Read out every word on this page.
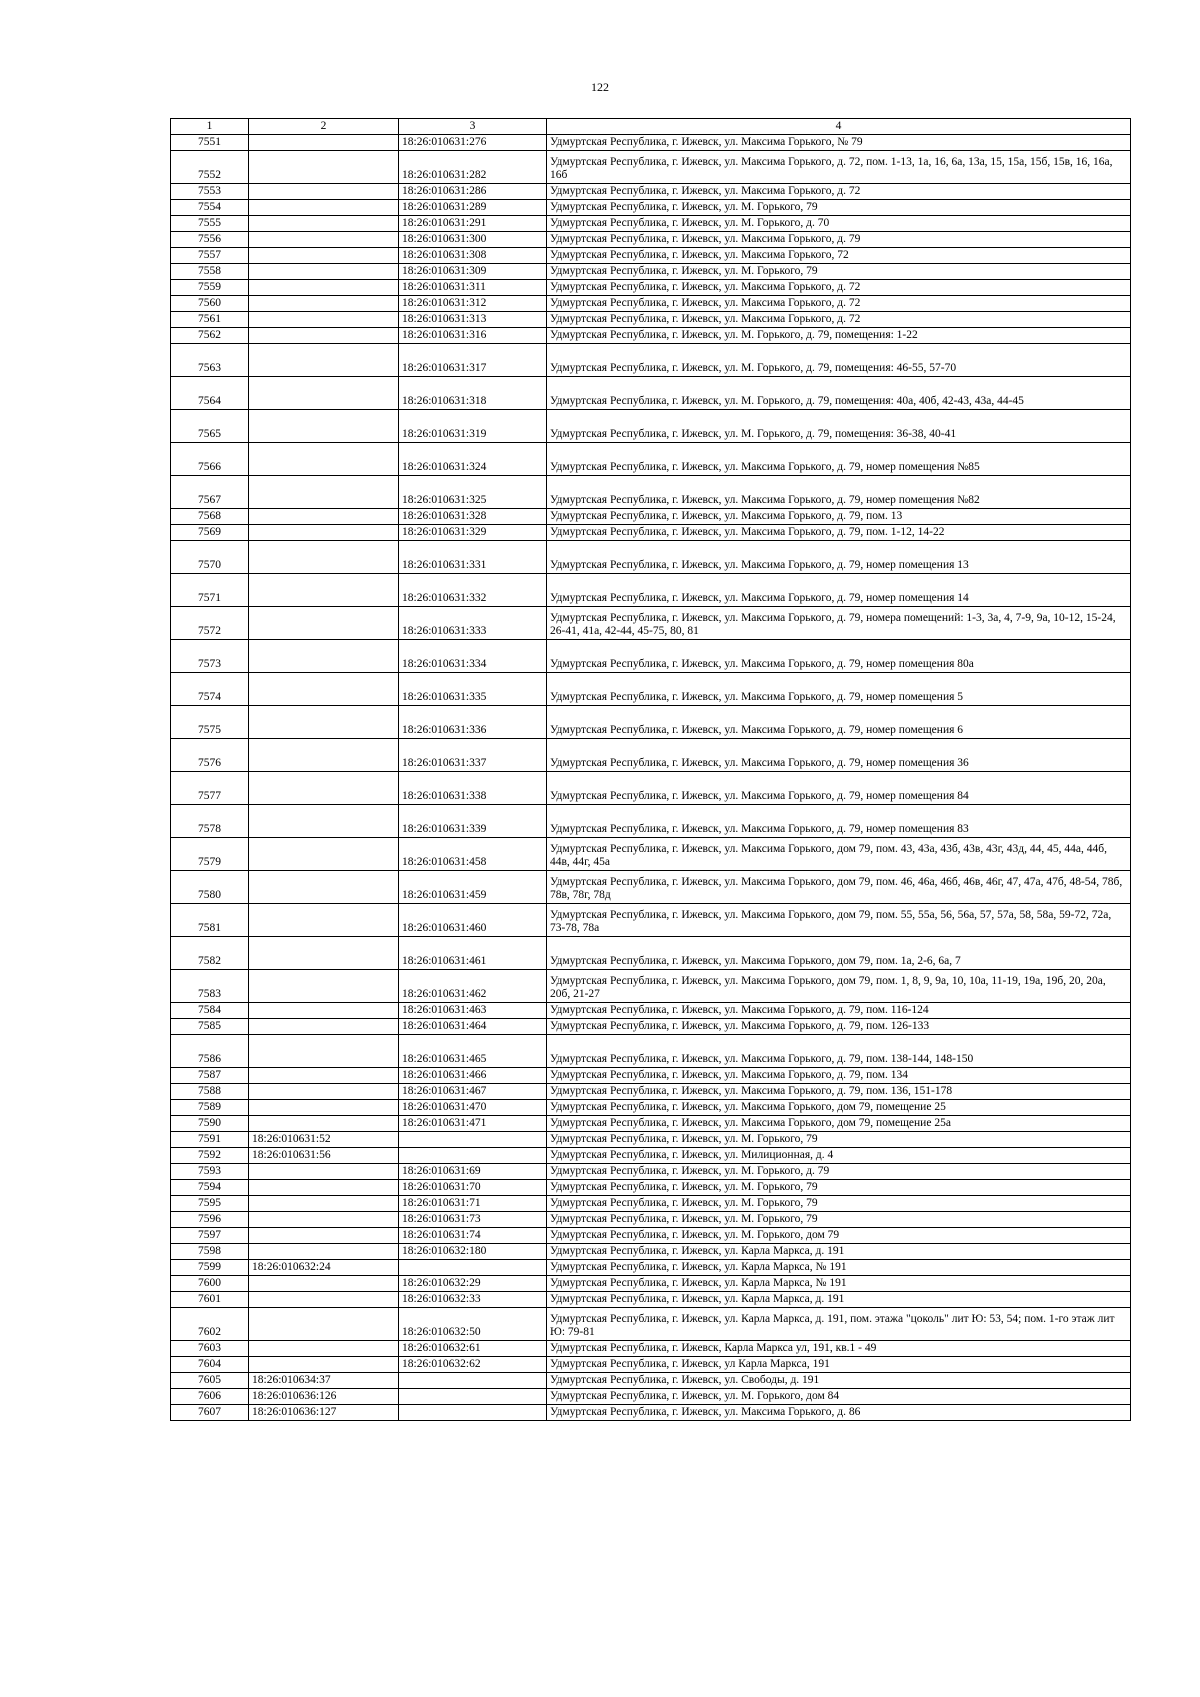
122
1	2	3	4
7551		18:26:010631:276	Удмуртская Республика, г. Ижевск, ул. Максима Горького, № 79
7552		18:26:010631:282	Удмуртская Республика, г. Ижевск, ул. Максима Горького, д. 72, пом. 1-13, 1а, 16, 6а, 13а, 15, 15а, 15б, 15в, 16, 16а, 16б
7553		18:26:010631:286	Удмуртская Республика, г. Ижевск, ул. Максима Горького, д. 72
7554		18:26:010631:289	Удмуртская Республика, г. Ижевск, ул. М. Горького, 79
7555		18:26:010631:291	Удмуртская Республика, г. Ижевск, ул. М. Горького, д. 70
7556		18:26:010631:300	Удмуртская Республика, г. Ижевск, ул. Максима Горького, д. 79
7557		18:26:010631:308	Удмуртская Республика, г. Ижевск, ул. Максима Горького, 72
7558		18:26:010631:309	Удмуртская Республика, г. Ижевск, ул. М. Горького, 79
7559		18:26:010631:311	Удмуртская Республика, г. Ижевск, ул. Максима Горького, д. 72
7560		18:26:010631:312	Удмуртская Республика, г. Ижевск, ул. Максима Горького, д. 72
7561		18:26:010631:313	Удмуртская Республика, г. Ижевск, ул. Максима Горького, д. 72
7562		18:26:010631:316	Удмуртская Республика, г. Ижевск, ул. М. Горького, д. 79, помещения: 1-22
7563		18:26:010631:317	Удмуртская Республика, г. Ижевск, ул. М. Горького, д. 79, помещения: 46-55, 57-70
7564		18:26:010631:318	Удмуртская Республика, г. Ижевск, ул. М. Горького, д. 79, помещения: 40а, 40б, 42-43, 43а, 44-45
7565		18:26:010631:319	Удмуртская Республика, г. Ижевск, ул. М. Горького, д. 79, помещения: 36-38, 40-41
7566		18:26:010631:324	Удмуртская Республика, г. Ижевск, ул. Максима Горького, д. 79, номер помещения №85
7567		18:26:010631:325	Удмуртская Республика, г. Ижевск, ул. Максима Горького, д. 79, номер помещения №82
7568		18:26:010631:328	Удмуртская Республика, г. Ижевск, ул. Максима Горького, д. 79, пом. 13
7569		18:26:010631:329	Удмуртская Республика, г. Ижевск, ул. Максима Горького, д. 79, пом. 1-12, 14-22
7570		18:26:010631:331	Удмуртская Республика, г. Ижевск, ул. Максима Горького, д. 79, номер помещения 13
7571		18:26:010631:332	Удмуртская Республика, г. Ижевск, ул. Максима Горького, д. 79, номер помещения 14
7572		18:26:010631:333	Удмуртская Республика, г. Ижевск, ул. Максима Горького, д. 79, номера помещений: 1-3, 3а, 4, 7-9, 9а, 10-12, 15-24, 26-41, 41а, 42-44, 45-75, 80, 81
7573		18:26:010631:334	Удмуртская Республика, г. Ижевск, ул. Максима Горького, д. 79, номер помещения 80а
7574		18:26:010631:335	Удмуртская Республика, г. Ижевск, ул. Максима Горького, д. 79, номер помещения 5
7575		18:26:010631:336	Удмуртская Республика, г. Ижевск, ул. Максима Горького, д. 79, номер помещения 6
7576		18:26:010631:337	Удмуртская Республика, г. Ижевск, ул. Максима Горького, д. 79, номер помещения 36
7577		18:26:010631:338	Удмуртская Республика, г. Ижевск, ул. Максима Горького, д. 79, номер помещения 84
7578		18:26:010631:339	Удмуртская Республика, г. Ижевск, ул. Максима Горького, д. 79, номер помещения 83
7579		18:26:010631:458	Удмуртская Республика, г. Ижевск, ул. Максима Горького, дом 79, пом. 43, 43а, 43б, 43в, 43г, 43д, 44, 45, 44а, 44б, 44в, 44г, 45а
7580		18:26:010631:459	Удмуртская Республика, г. Ижевск, ул. Максима Горького, дом 79, пом. 46, 46а, 46б, 46в, 46г, 47, 47а, 47б, 48-54, 78б, 78в, 78г, 78д
7581		18:26:010631:460	Удмуртская Республика, г. Ижевск, ул. Максима Горького, дом 79, пом. 55, 55а, 56, 56а, 57, 57а, 58, 58а, 59-72, 72а, 73-78, 78а
7582		18:26:010631:461	Удмуртская Республика, г. Ижевск, ул. Максима Горького, дом 79, пом. 1а, 2-6, 6а, 7
7583		18:26:010631:462	Удмуртская Республика, г. Ижевск, ул. Максима Горького, дом 79, пом. 1, 8, 9, 9а, 10, 10а, 11-19, 19а, 19б, 20, 20а, 20б, 21-27
7584		18:26:010631:463	Удмуртская Республика, г. Ижевск, ул. Максима Горького, д. 79, пом. 116-124
7585		18:26:010631:464	Удмуртская Республика, г. Ижевск, ул. Максима Горького, д. 79, пом. 126-133
7586		18:26:010631:465	Удмуртская Республика, г. Ижевск, ул. Максима Горького, д. 79, пом. 138-144, 148-150
7587		18:26:010631:466	Удмуртская Республика, г. Ижевск, ул. Максима Горького, д. 79, пом. 134
7588		18:26:010631:467	Удмуртская Республика, г. Ижевск, ул. Максима Горького, д. 79, пом. 136, 151-178
7589		18:26:010631:470	Удмуртская Республика, г. Ижевск, ул. Максима Горького, дом 79, помещение 25
7590		18:26:010631:471	Удмуртская Республика, г. Ижевск, ул. Максима Горького, дом 79, помещение 25а
7591	18:26:010631:52		Удмуртская Республика, г. Ижевск, ул. М. Горького, 79
7592	18:26:010631:56		Удмуртская Республика, г. Ижевск, ул. Милиционная, д. 4
7593		18:26:010631:69	Удмуртская Республика, г. Ижевск, ул. М. Горького, д. 79
7594		18:26:010631:70	Удмуртская Республика, г. Ижевск, ул. М. Горького, 79
7595		18:26:010631:71	Удмуртская Республика, г. Ижевск, ул. М. Горького, 79
7596		18:26:010631:73	Удмуртская Республика, г. Ижевск, ул. М. Горького, 79
7597		18:26:010631:74	Удмуртская Республика, г. Ижевск, ул. М. Горького, дом 79
7598		18:26:010632:180	Удмуртская Республика, г. Ижевск, ул. Карла Маркса, д. 191
7599	18:26:010632:24		Удмуртская Республика, г. Ижевск, ул. Карла Маркса, № 191
7600		18:26:010632:29	Удмуртская Республика, г. Ижевск, ул. Карла Маркса, № 191
7601		18:26:010632:33	Удмуртская Республика, г. Ижевск, ул. Карла Маркса, д. 191
7602		18:26:010632:50	Удмуртская Республика, г. Ижевск, ул. Карла Маркса, д. 191, пом. этажа "цоколь" лит Ю: 53, 54; пом. 1-го этаж лит Ю: 79-81
7603		18:26:010632:61	Удмуртская Республика, г. Ижевск, Карла Маркса ул, 191, кв.1 - 49
7604		18:26:010632:62	Удмуртская Республика, г. Ижевск, ул Карла Маркса, 191
7605	18:26:010634:37		Удмуртская Республика, г. Ижевск, ул. Свободы, д. 191
7606	18:26:010636:126		Удмуртская Республика, г. Ижевск, ул. М. Горького, дом 84
7607	18:26:010636:127		Удмуртская Республика, г. Ижевск, ул. Максима Горького, д. 86
